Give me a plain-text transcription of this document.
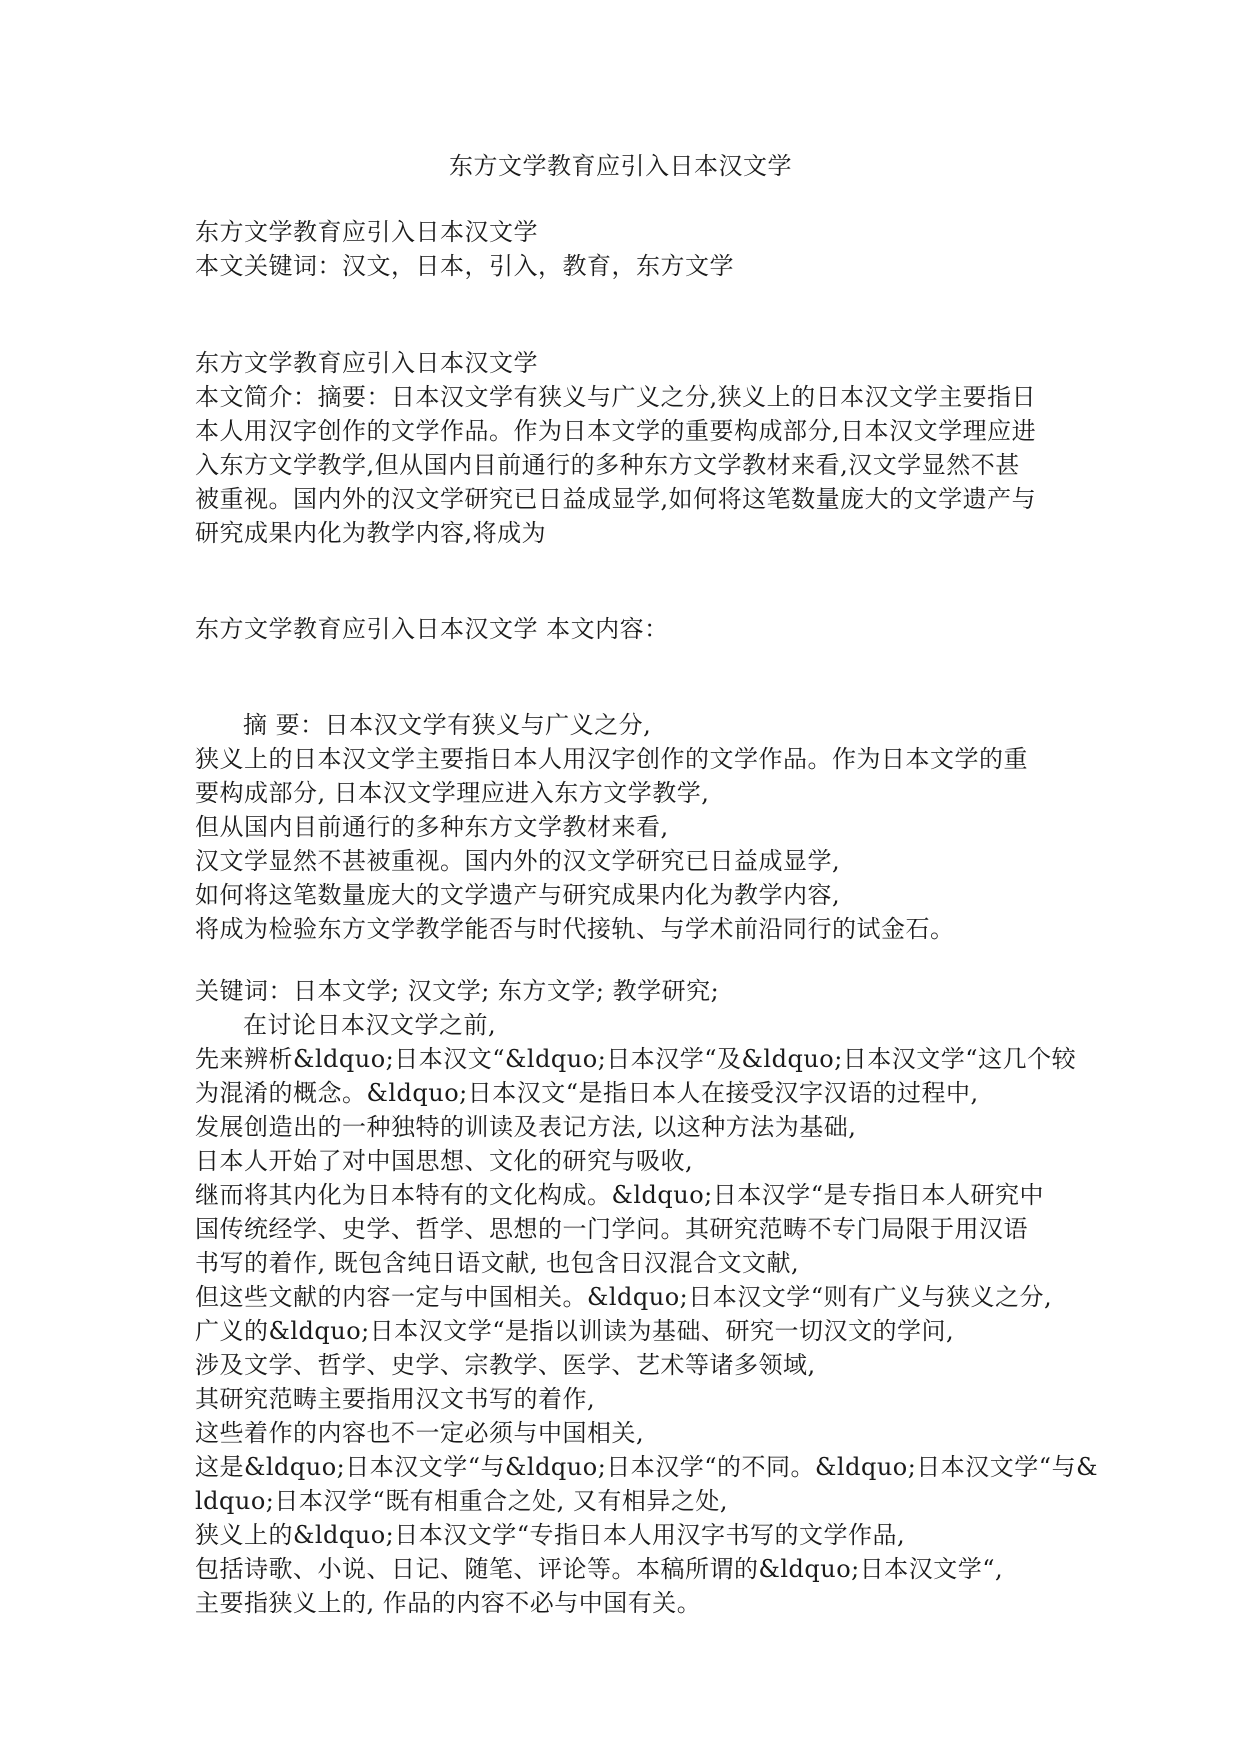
东方文学教育应引入日本汉文学
东方文学教育应引入日本汉文学
本文关键词：汉文，日本，引入，教育，东方文学
东方文学教育应引入日本汉文学
本文简介：摘要：日本汉文学有狭义与广义之分,狭义上的日本汉文学主要指日
本人用汉字创作的文学作品。作为日本文学的重要构成部分,日本汉文学理应进
入东方文学教学,但从国内目前通行的多种东方文学教材来看,汉文学显然不甚
被重视。国内外的汉文学研究已日益成显学,如何将这笔数量庞大的文学遗产与
研究成果内化为教学内容,将成为
东方文学教育应引入日本汉文学 本文内容：
摘 要：日本汉文学有狭义与广义之分,
狭义上的日本汉文学主要指日本人用汉字创作的文学作品。作为日本文学的重
要构成部分, 日本汉文学理应进入东方文学教学,
但从国内目前通行的多种东方文学教材来看,
汉文学显然不甚被重视。国内外的汉文学研究已日益成显学,
如何将这笔数量庞大的文学遗产与研究成果内化为教学内容,
将成为检验东方文学教学能否与时代接轨、与学术前沿同行的试金石。
关键词：日本文学; 汉文学; 东方文学; 教学研究;
在讨论日本汉文学之前,
先来辨析&ldquo;日本汉文“&ldquo;日本汉学“及&ldquo;日本汉文学“这几个较
为混淆的概念。&ldquo;日本汉文“是指日本人在接受汉字汉语的过程中,
发展创造出的一种独特的训读及表记方法, 以这种方法为基础,
日本人开始了对中国思想、文化的研究与吸收,
继而将其内化为日本特有的文化构成。&ldquo;日本汉学“是专指日本人研究中
国传统经学、史学、哲学、思想的一门学问。其研究范畴不专门局限于用汉语
书写的着作, 既包含纯日语文献, 也包含日汉混合文文献,
但这些文献的内容一定与中国相关。&ldquo;日本汉文学“则有广义与狭义之分,
广义的&ldquo;日本汉文学“是指以训读为基础、研究一切汉文的学问,
涉及文学、哲学、史学、宗教学、医学、艺术等诸多领域,
其研究范畴主要指用汉文书写的着作,
这些着作的内容也不一定必须与中国相关,
这是&ldquo;日本汉文学“与&ldquo;日本汉学“的不同。&ldquo;日本汉文学“与&
ldquo;日本汉学“既有相重合之处, 又有相异之处,
狭义上的&ldquo;日本汉文学“专指日本人用汉字书写的文学作品,
包括诗歌、小说、日记、随笔、评论等。本稿所谓的&ldquo;日本汉文学“,
主要指狭义上的, 作品的内容不必与中国有关。
